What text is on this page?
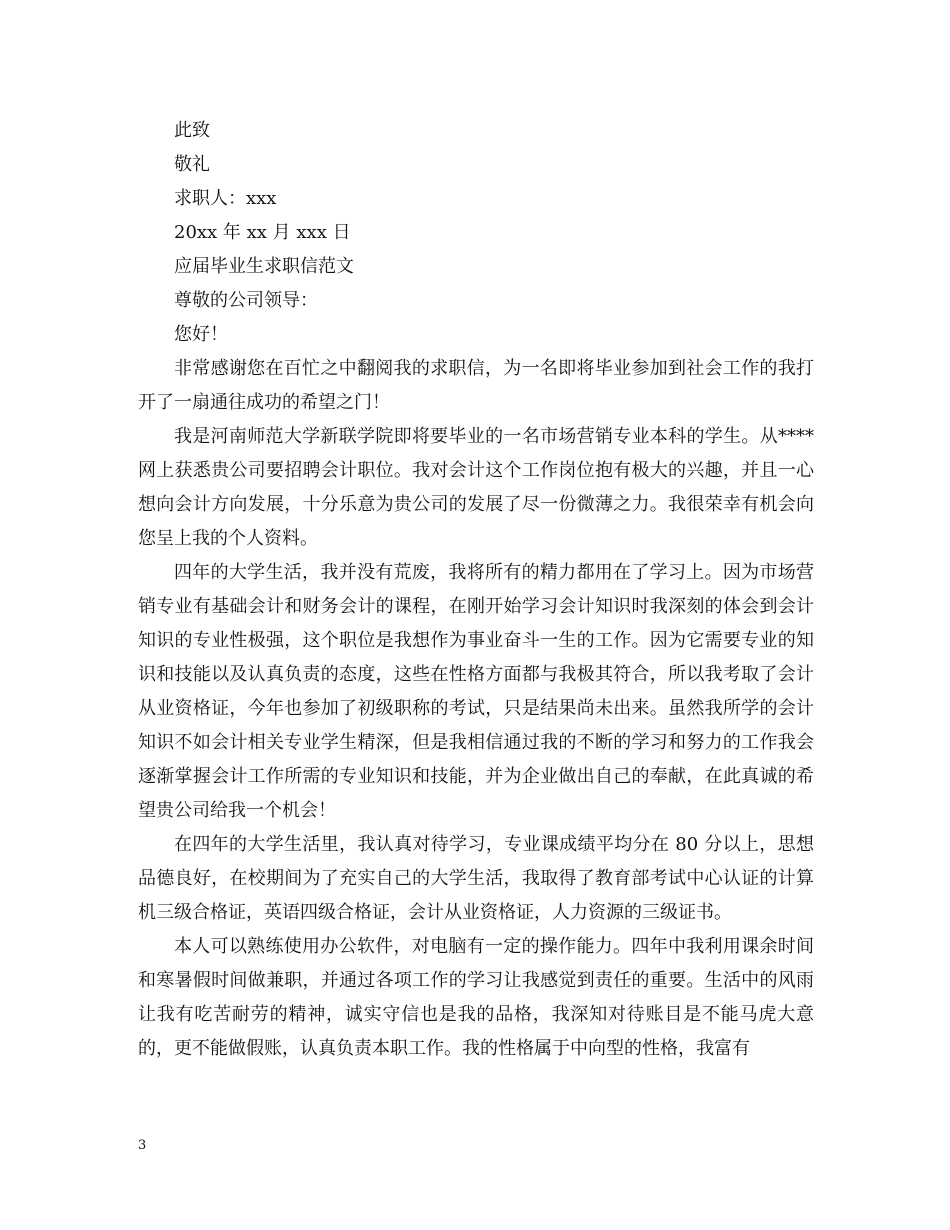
此致
敬礼
求职人：xxx
20xx 年 xx 月 xxx 日
应届毕业生求职信范文
尊敬的公司领导：
您好！

非常感谢您在百忙之中翻阅我的求职信，为一名即将毕业参加到社会工作的我打开了一扇通往成功的希望之门！

我是河南师范大学新联学院即将要毕业的一名市场营销专业本科的学生。从****网上获悉贵公司要招聘会计职位。我对会计这个工作岗位抱有极大的兴趣，并且一心想向会计方向发展，十分乐意为贵公司的发展了尽一份微薄之力。我很荣幸有机会向您呈上我的个人资料。

四年的大学生活，我并没有荒废，我将所有的精力都用在了学习上。因为市场营销专业有基础会计和财务会计的课程，在刚开始学习会计知识时我深刻的体会到会计知识的专业性极强，这个职位是我想作为事业奋斗一生的工作。因为它需要专业的知识和技能以及认真负责的态度，这些在性格方面都与我极其符合，所以我考取了会计从业资格证，今年也参加了初级职称的考试，只是结果尚未出来。虽然我所学的会计知识不如会计相关专业学生精深，但是我相信通过我的不断的学习和努力的工作我会逐渐掌握会计工作所需的专业知识和技能，并为企业做出自己的奉献，在此真诚的希望贵公司给我一个机会！

在四年的大学生活里，我认真对待学习，专业课成绩平均分在 80 分以上，思想品德良好，在校期间为了充实自己的大学生活，我取得了教育部考试中心认证的计算机三级合格证，英语四级合格证，会计从业资格证，人力资源的三级证书。

本人可以熟练使用办公软件，对电脑有一定的操作能力。四年中我利用课余时间和寒暑假时间做兼职，并通过各项工作的学习让我感觉到责任的重要。生活中的风雨让我有吃苦耐劳的精神，诚实守信也是我的品格，我深知对待账目是不能马虎大意的，更不能做假账，认真负责本职工作。我的性格属于中向型的性格，我富有

3
